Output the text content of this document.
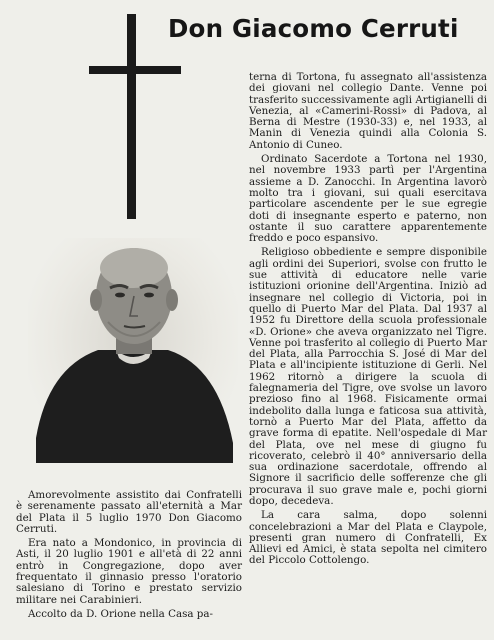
Don Giacomo Cerruti

Amorevolmente assistito dai Confratelli è serenamente passato all'eternità a Mar del Plata il 5 luglio 1970 Don Giacomo Cerruti.

Era nato a Mondonico, in provincia di Asti, il 20 luglio 1901 e all'età di 22 anni entrò in Congregazione, dopo aver frequentato il ginnasio presso l'oratorio salesiano di Torino e prestato servizio militare nei Carabinieri.

Accolto da D. Orione nella Casa pa-

terna di Tortona, fu assegnato all'assistenza dei giovani nel collegio Dante. Venne poi trasferito successivamente agli Artigianelli di Venezia, al «Camerini-Rossi» di Padova, al Berna di Mestre (1930-33) e, nel 1933, al Manin di Venezia quindi alla Colonia S. Antonio di Cuneo.

Ordinato Sacerdote a Tortona nel 1930, nel novembre 1933 partì per l'Argentina assieme a D. Zanocchi. In Argentina lavorò molto tra i giovani, sui quali esercitava particolare ascendente per le sue egregie doti di insegnante esperto e paterno, non ostante il suo carattere apparentemente freddo e poco espansivo.

Religioso obbediente e sempre disponibile agli ordini dei Superiori, svolse con frutto le sue attività di educatore nelle varie istituzioni orionine dell'Argentina. Iniziò ad insegnare nel collegio di Victoria, poi in quello di Puerto Mar del Plata. Dal 1937 al 1952 fu Direttore della scuola professionale «D. Orione» che aveva organizzato nel Tigre. Venne poi trasferito al collegio di Puerto Mar del Plata, alla Parrocchia S. José di Mar del Plata e all'incipiente istituzione di Gerli. Nel 1962 ritornò a dirigere la scuola di falegnameria del Tigre, ove svolse un lavoro prezioso fino al 1968. Fisicamente ormai indebolito dalla lunga e faticosa sua attività, tornò a Puerto Mar del Plata, affetto da grave forma di epatite. Nell'ospedale di Mar del Plata, ove nel mese di giugno fu ricoverato, celebrò il 40° anniversario della sua ordinazione sacerdotale, offrendo al Signore il sacrificio delle sofferenze che gli procurava il suo grave male e, pochi giorni dopo, decedeva.

La cara salma, dopo solenni concelebrazioni a Mar del Plata e Claypole, presenti gran numero di Confratelli, Ex Allievi ed Amici, è stata sepolta nel cimitero del Piccolo Cottolengo.
